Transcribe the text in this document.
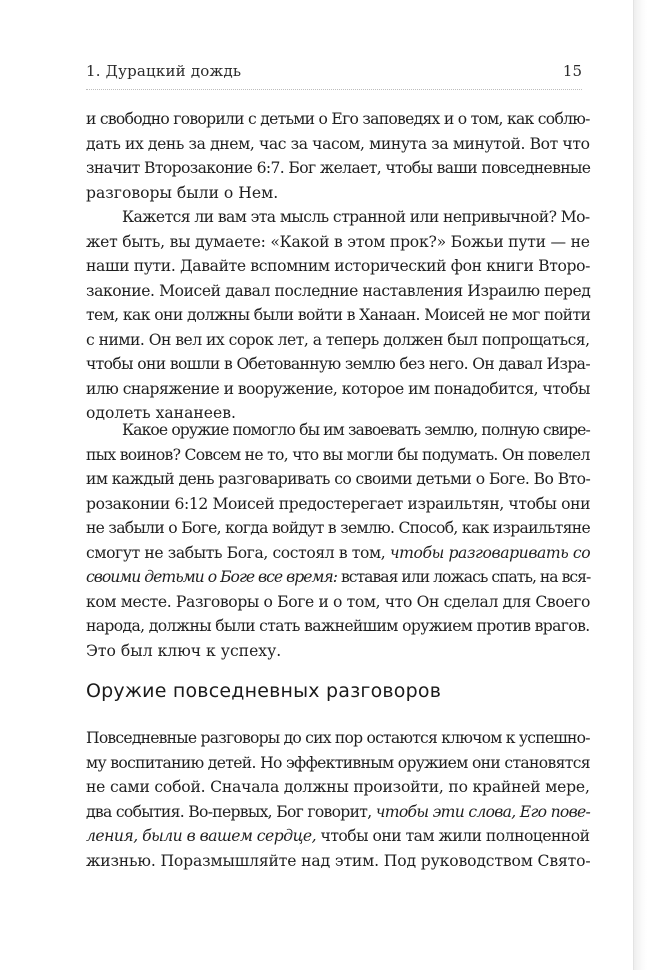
1. Дурацкий дождь	15

и свободно говорили с детьми о Его заповедях и о том, как соблю-
дать их день за днем, час за часом, минута за минутой. Вот что
значит Второзаконие 6:7. Бог желает, чтобы ваши повседневные
разговоры были о Нем.

Кажется ли вам эта мысль странной или непривычной? Мо-
жет быть, вы думаете: «Какой в этом прок?» Божьи пути — не
наши пути. Давайте вспомним исторический фон книги Второ-
законие. Моисей давал последние наставления Израилю перед
тем, как они должны были войти в Ханаан. Моисей не мог пойти
с ними. Он вел их сорок лет, а теперь должен был попрощаться,
чтобы они вошли в Обетованную землю без него. Он давал Изра-
илю снаряжение и вооружение, которое им понадобится, чтобы
одолеть хананеев.

Какое оружие помогло бы им завоевать землю, полную свире-
пых воинов? Совсем не то, что вы могли бы подумать. Он повелел
им каждый день разговаривать со своими детьми о Боге. Во Вто-
розаконии 6:12 Моисей предостерегает израильтян, чтобы они
не забыли о Боге, когда войдут в землю. Способ, как израильтяне
смогут не забыть Бога, состоял в том, чтобы разговаривать со
своими детьми о Боге все время: вставая или ложась спать, на вся-
ком месте. Разговоры о Боге и о том, что Он сделал для Своего
народа, должны были стать важнейшим оружием против врагов.
Это был ключ к успеху.

Оружие повседневных разговоров

Повседневные разговоры до сих пор остаются ключом к успешно-
му воспитанию детей. Но эффективным оружием они становятся
не сами собой. Сначала должны произойти, по крайней мере,
два события. Во-первых, Бог говорит, чтобы эти слова, Его пове-
ления, были в вашем сердце, чтобы они там жили полноценной
жизнью. Поразмышляйте над этим. Под руководством Свято-
